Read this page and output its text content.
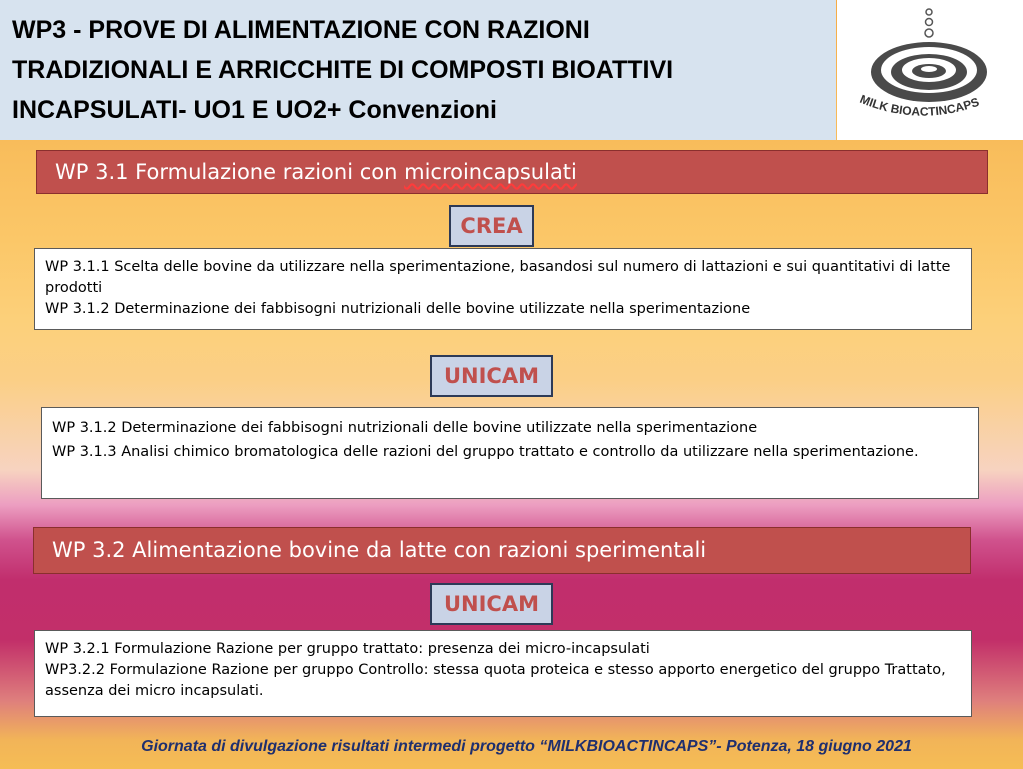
WP3 - PROVE DI ALIMENTAZIONE CON RAZIONI
TRADIZIONALI E ARRICCHITE DI COMPOSTI BIOATTIVI
INCAPSULATI- UO1 E UO2+ Convenzioni	MILK BIOACTINCAPS
WP 3.1 Formulazione razioni con microincapsulati
CREA

WP 3.1.1 Scelta delle bovine da utilizzare nella sperimentazione, basandosi sul numero di lattazioni e sui quantitativi di latte prodotti

WP 3.1.2 Determinazione dei fabbisogni nutrizionali delle bovine utilizzate nella sperimentazione

UNICAM

WP 3.1.2 Determinazione dei fabbisogni nutrizionali delle bovine utilizzate nella sperimentazione

WP 3.1.3 Analisi chimico bromatologica delle razioni del gruppo trattato e controllo da utilizzare nella sperimentazione.

WP 3.2 Alimentazione bovine da latte con razioni sperimentali
UNICAM

WP 3.2.1 Formulazione Razione per gruppo trattato: presenza dei micro-incapsulati

WP3.2.2 Formulazione Razione per gruppo Controllo: stessa quota proteica e stesso apporto energetico del gruppo Trattato, assenza dei micro incapsulati.

Giornata di divulgazione risultati intermedi progetto “MILKBIOACTINCAPS”- Potenza, 18 giugno 2021
